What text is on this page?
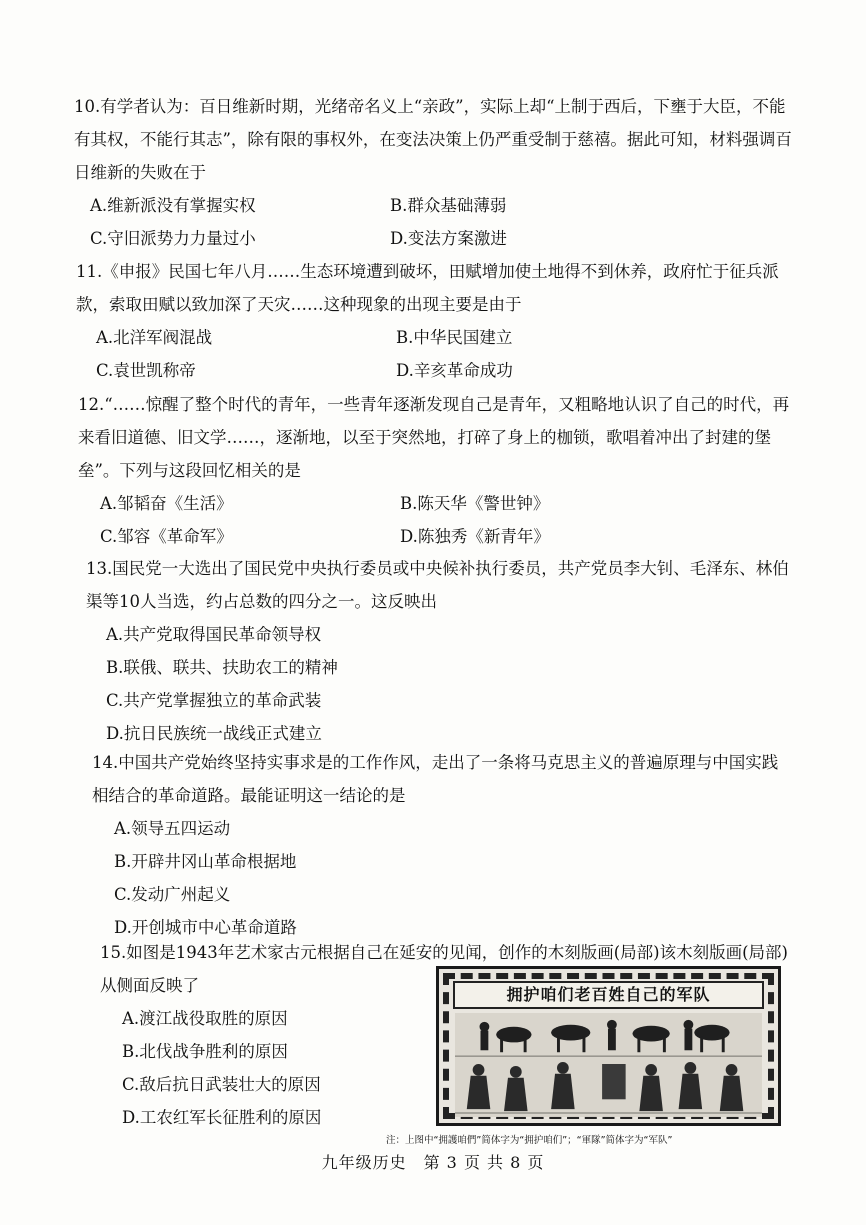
10.有学者认为：百日维新时期，光绪帝名义上“亲政”，实际上却“上制于西后，下壅于大臣，不能有其权，不能行其志”，除有限的事权外，在变法决策上仍严重受制于慈禧。据此可知，材料强调百日维新的失败在于

A.维新派没有掌握实权	B.群众基础薄弱
C.守旧派势力力量过小	D.变法方案激进

11.《申报》民国七年八月……生态环境遭到破坏，田赋增加使土地得不到休养，政府忙于征兵派款，索取田赋以致加深了天灾……这种现象的出现主要是由于

A.北洋军阀混战	B.中华民国建立
C.袁世凯称帝	D.辛亥革命成功

12.“……惊醒了整个时代的青年，一些青年逐渐发现自己是青年，又粗略地认识了自己的时代，再来看旧道德、旧文学……，逐渐地，以至于突然地，打碎了身上的枷锁，歌唱着冲出了封建的堡垒”。下列与这段回忆相关的是

A.邹韬奋《生活》	B.陈天华《警世钟》
C.邹容《革命军》	D.陈独秀《新青年》

13.国民党一大选出了国民党中央执行委员或中央候补执行委员，共产党员李大钊、毛泽东、林伯渠等10人当选，约占总数的四分之一。这反映出

A.共产党取得国民革命领导权
B.联俄、联共、扶助农工的精神
C.共产党掌握独立的革命武装
D.抗日民族统一战线正式建立

14.中国共产党始终坚持实事求是的工作作风，走出了一条将马克思主义的普遍原理与中国实践相结合的革命道路。最能证明这一结论的是

A.领导五四运动
B.开辟井冈山革命根据地
C.发动广州起义
D.开创城市中心革命道路

15.如图是1943年艺术家古元根据自己在延安的见闻，创作的木刻版画(局部)该木刻版画(局部)从侧面反映了

A.渡江战役取胜的原因
B.北伐战争胜利的原因
C.敌后抗日武装壮大的原因
D.工农红军长征胜利的原因
拥护咱们老百姓自己的军队
注：上图中“拥護咱們”简体字为“拥护咱们”；“軍隊”简体字为“军队”
九年级历史　第 3 页 共 8 页
